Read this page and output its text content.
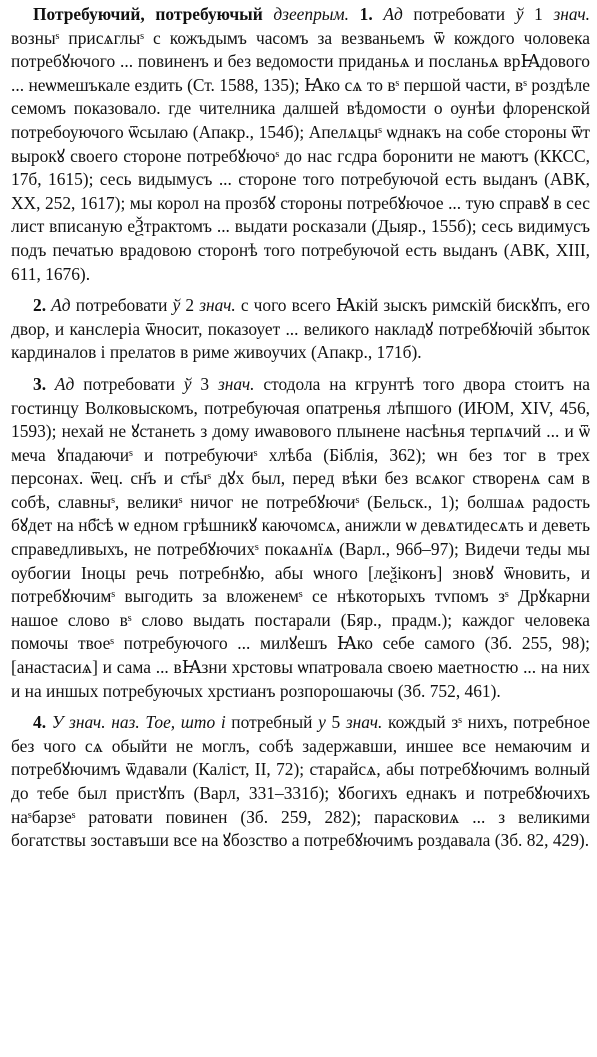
Потребуючий, потребуючый дзеeпрым. 1. Ад потребовати ў 1 знач. возныˢ присѧглыˢ с кожъдымъ часомъ за везваньемъ ѿ кождого чоловека потребꙋючого ... повиненъ и без ведомости приданьѧ и посланьѧ врꙖдового ... неѡмешъкале ездить (Ст. 1588, 135); Ꙗко сѧ то вˢ першой части, вˢ роздѣле семомъ показовало. где чителника далшей вѣдомости о оунѣи флоренской потребоуючого ѿсылаю (Апакр., 154б); Апелѧцыˢ ѡднакъ на собе стороны ѿт вырокꙋ своего стороне потребꙋючоˢ до нас гсдра боронити не маютъ (ККСС, 17б, 1615); сесь видымусъ ... стороне того потребуючой есть выданъ (АВК, XX, 252, 1617); мы корол на прозбꙋ стороны потребꙋючое ... тую справꙋ в сес лист вписаную еѮтрактомъ ... выдати росказали (Дыяр., 155б); сесь видимусъ подъ печатью врадовою сторонѣ того потребуючой есть выданъ (АВК, XIII, 611, 1676).

2. Ад потребовати ў 2 знач. с чого всего Ꙗкій зыскъ римскій бискꙋпъ, его двор, и канслеріа ѿносит, показоует ... великого накладꙋ потребꙋючій збыток кардиналов і прелатов в риме живоучих (Апакр., 171б).

3. Ад потребовати ў 3 знач. стодола на кгрунтѣ того двора стоитъ на гостинцу Волковыскомъ, потребуючая опатренья лѣпшого (ИЮМ, XIV, 456, 1593); нехай не ꙋстанеть з дому иѡавового плынене насѣнья терпѧчий ... и ѿ меча ꙋпадаючиˢ и потребуючиˢ хлѣба (Біблія, 362); ѡн без тог в трех персонах. ѿец. сн҃ъ и ст҃ыˢ дꙋх был, перед вѣки без всѧког створенѧ сам в собѣ, славныˢ, великиˢ ничог не потребꙋючиˢ (Бельск., 1); болшаѧ радость бꙋдет на нб҃сѣ ѡ едном грѣшникꙋ каючомсѧ, анижли ѡ девѧтидесѧть и деветь справедливыхъ, не потребꙋючихˢ покаѧнїѧ (Варл., 96б–97); Видечи теды мы оубогии Іноцы речь потребнꙋю, абы ѡного [леѯіконъ] зновꙋ ѿновить, и потребꙋючимˢ выгодить за вложенемˢ се нѣкоторыхъ тvпомъ зˢ Дрꙋкарни нашое слово вˢ слово выдать постарали (Бяр., прадм.); каждог человека помочы твоеˢ потребуючого ... милꙋешъ Ꙗко себе самого (Зб. 255, 98); [анастасиѧ] и сама ... вꙖзни хрстовы ѡпатровала своею маетностю ... на них и на иншых потребуючых хрстианъ розпорошаючы (Зб. 752, 461).

4. У знач. наз. Тое, што і потребный у 5 знач. кождый зˢ нихъ, потребное без чого сѧ обыйти не моглъ, собѣ задержавши, иншее все немаючим и потребꙋючимъ ѿдавали (Каліст, II, 72); старайсѧ, абы потребꙋючимъ волный до тебе был пристꙋпъ (Варл, 331–331б); ꙋбогихъ еднакъ и потребꙋючихъ наˢбарзеˢ ратовати повинен (Зб. 259, 282); парасковиѧ ... з великими богатствы зоставъши все на ꙋбозство а потребꙋючимъ роздавала (Зб. 82, 429).
